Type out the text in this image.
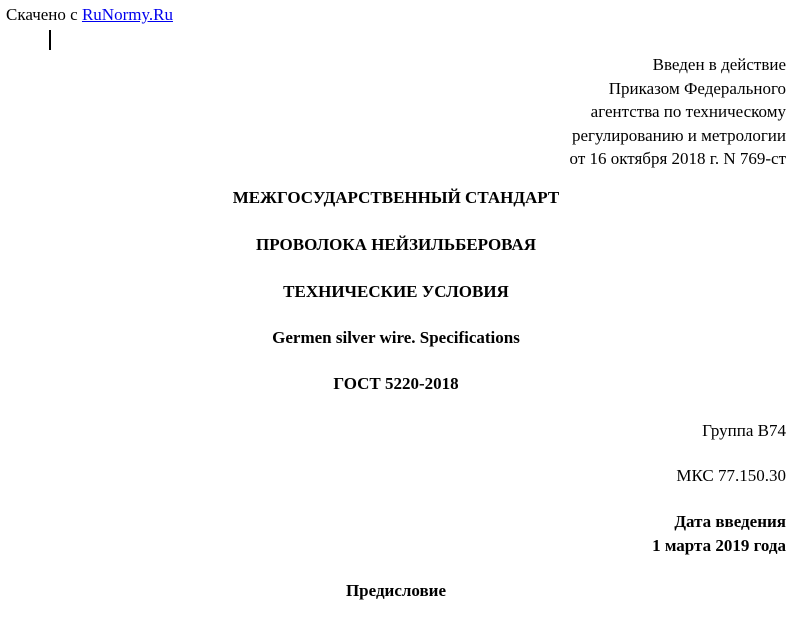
Скачено с RuNormy.Ru
Введен в действие
Приказом Федерального
агентства по техническому
регулированию и метрологии
от 16 октября 2018 г. N 769-ст
МЕЖГОСУДАРСТВЕННЫЙ СТАНДАРТ
ПРОВОЛОКА НЕЙЗИЛЬБЕРОВАЯ
ТЕХНИЧЕСКИЕ УСЛОВИЯ
Germen silver wire. Specifications
ГОСТ 5220-2018
Группа В74
МКС 77.150.30
Дата введения
1 марта 2019 года
Предисловие
